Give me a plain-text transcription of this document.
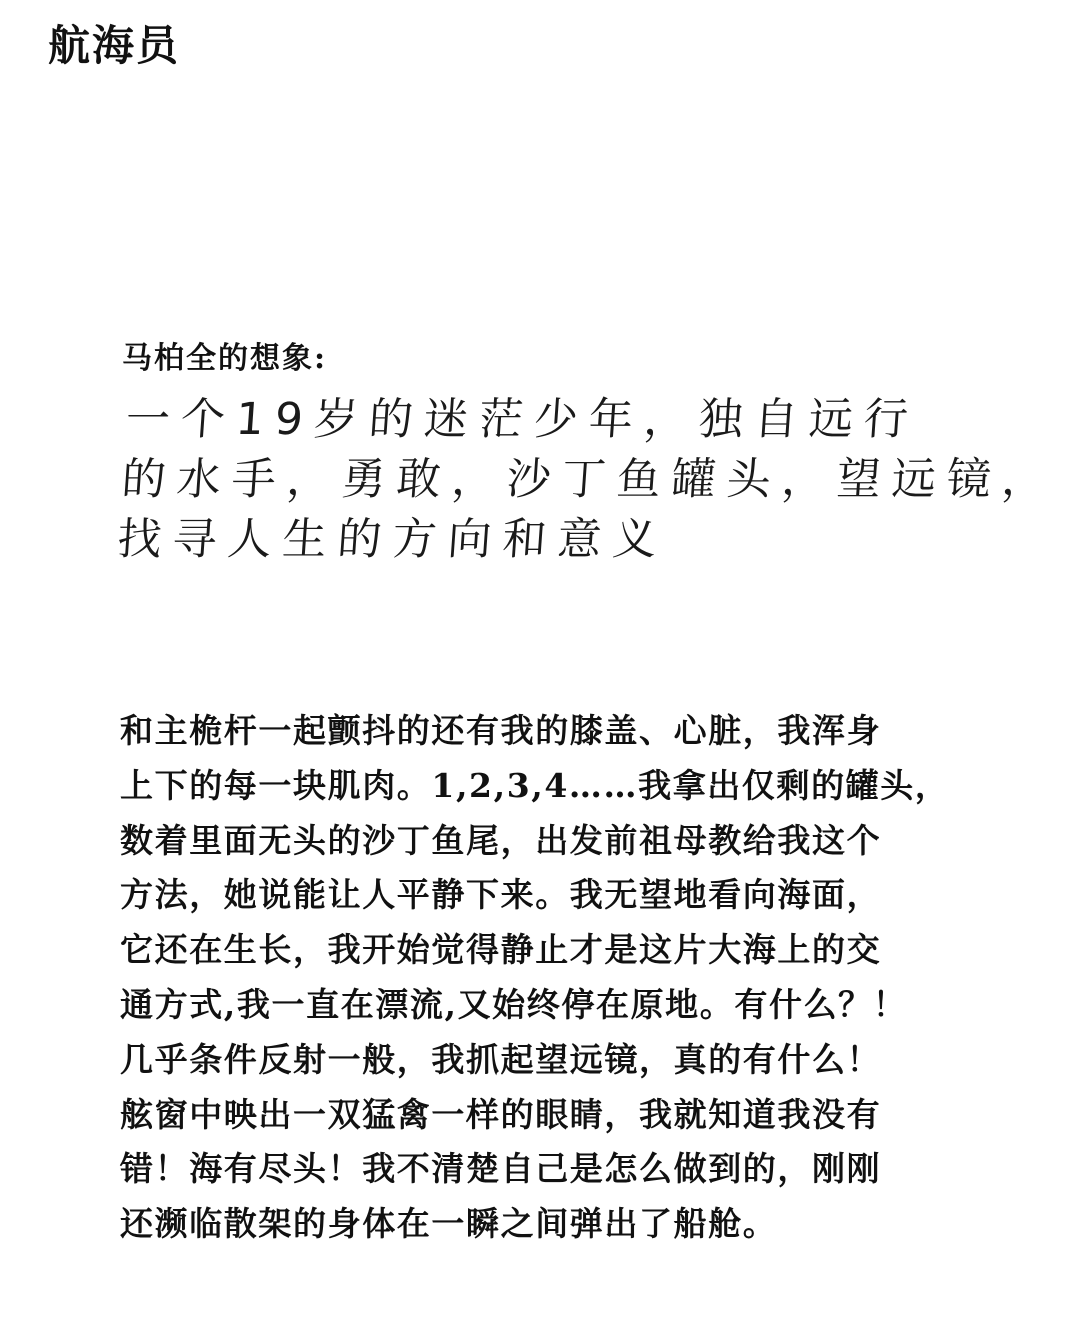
航海员
马柏全的想象:
一个19岁的迷茫少年，独自远行
的水手，勇敢，沙丁鱼罐头，望远镜，
找寻人生的方向和意义
和主桅杆一起颤抖的还有我的膝盖、心脏，我浑身
上下的每一块肌肉。1,2,3,4……我拿出仅剩的罐头，
数着里面无头的沙丁鱼尾，出发前祖母教给我这个
方法，她说能让人平静下来。我无望地看向海面，
它还在生长，我开始觉得静止才是这片大海上的交
通方式,我一直在漂流,又始终停在原地。有什么？！
几乎条件反射一般，我抓起望远镜，真的有什么！
舷窗中映出一双猛禽一样的眼睛，我就知道我没有
错！海有尽头！我不清楚自己是怎么做到的，刚刚
还濒临散架的身体在一瞬之间弹出了船舱。
